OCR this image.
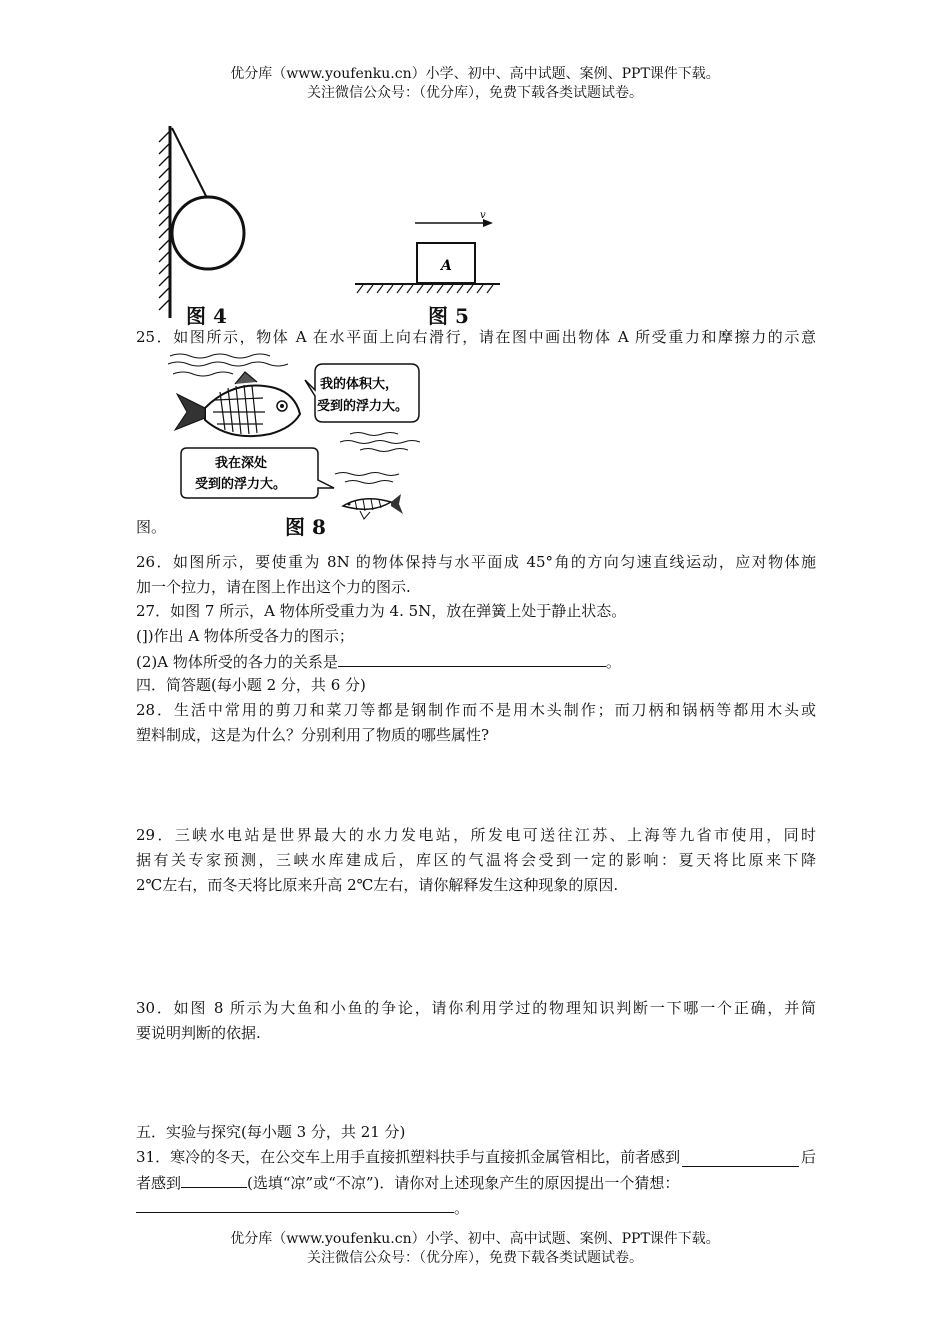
优分库（www.youfenku.cn）小学、初中、高中试题、案例、PPT课件下载。
关注微信公众号：（优分库），免费下载各类试题试卷。
图 4
v
A
图 5
25．如图所示，物体 A 在水平面上向右滑行，请在图中画出物体 A 所受重力和摩擦力的示意
我的体积大，
受到的浮力大。
我在深处
受到的浮力大。
图 8
图。
26．如图所示，要使重为 8N 的物体保持与水平面成 45°角的方向匀速直线运动，应对物体施
加一个拉力，请在图上作出这个力的图示.
27．如图 7 所示，A 物体所受重力为 4. 5N，放在弹簧上处于静止状态。
(])作出 A 物体所受各力的图示；
(2)A 物体所受的各力的关系是	。
四．简答题(每小题 2 分，共 6 分)
28．生活中常用的剪刀和菜刀等都是钢制作而不是用木头制作；而刀柄和锅柄等都用木头或
塑料制成，这是为什么？分别利用了物质的哪些属性?
29．三峡水电站是世界最大的水力发电站，所发电可送往江苏、上海等九省市使用，同时
据有关专家预测，三峡水库建成后，库区的气温将会受到一定的影响：夏天将比原来下降
2℃左右，而冬天将比原来升高 2℃左右，请你解释发生这种现象的原因.
30．如图 8 所示为大鱼和小鱼的争论，请你利用学过的物理知识判断一下哪一个正确，并简
要说明判断的依据.
五．实验与探究(每小题 3 分，共 21 分)
31．寒冷的冬天，在公交车上用手直接抓塑料扶手与直接抓金属管相比，前者感到	后
者感到	(选填“凉”或“不凉”)．请你对上述现象产生的原因提出一个猜想：
。
优分库（www.youfenku.cn）小学、初中、高中试题、案例、PPT课件下载。
关注微信公众号：（优分库），免费下载各类试题试卷。
